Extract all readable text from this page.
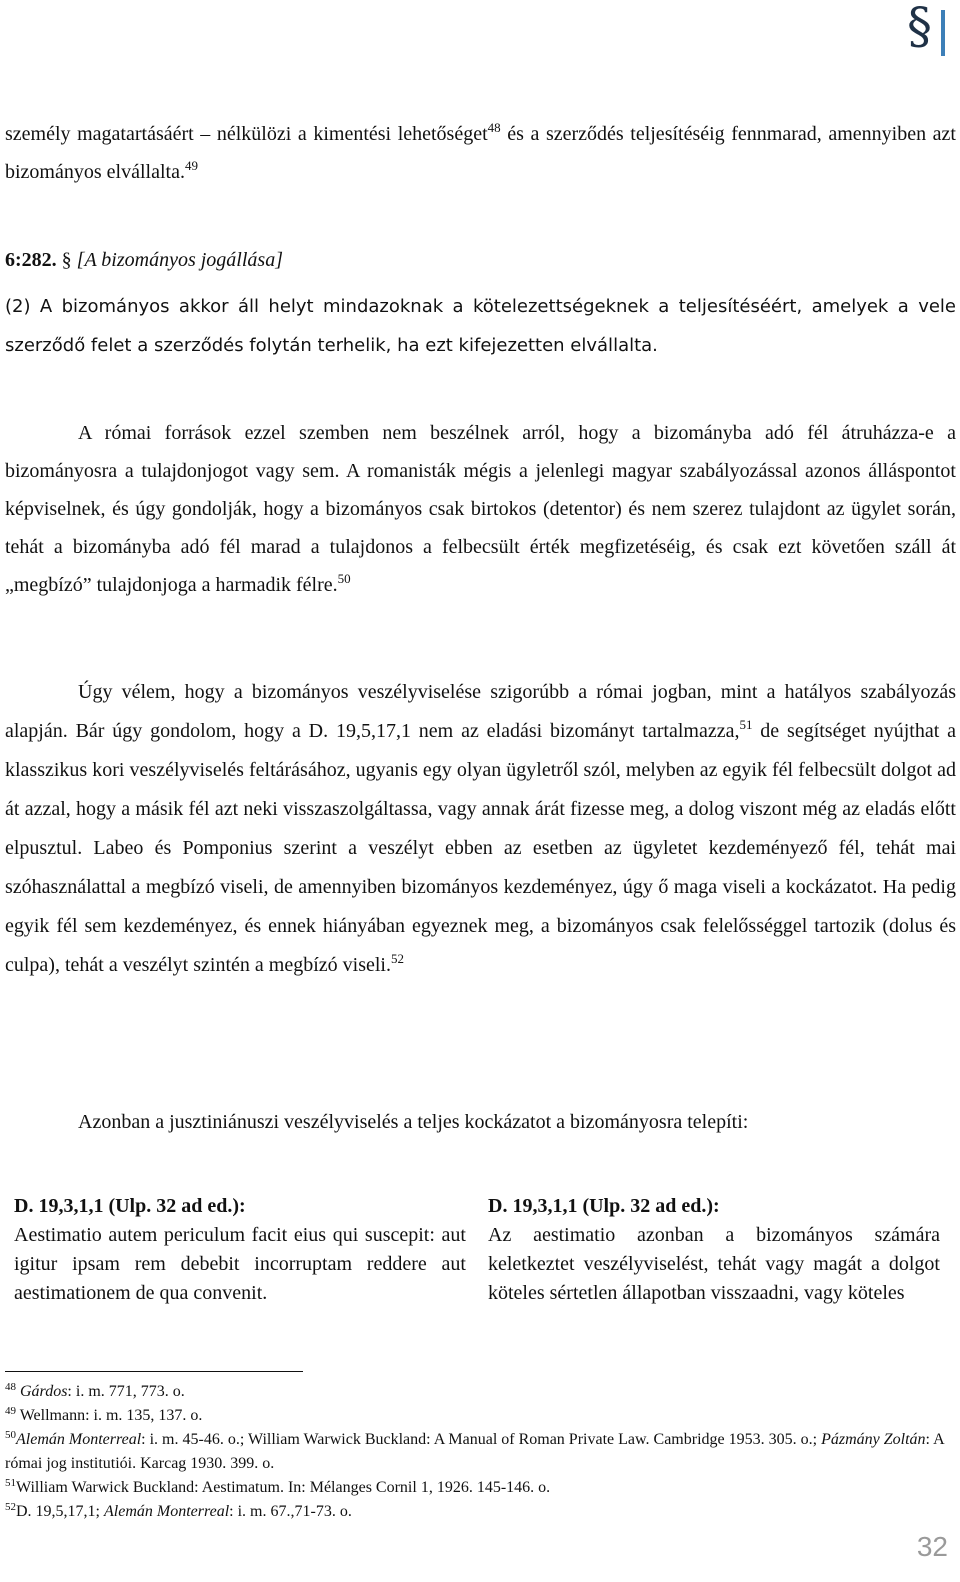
§

személy magatartásáért – nélkülözi a kimentési lehetőséget$^{48}$ és a szerződés teljesítéséig fennmarad, amennyiben azt bizományos elvállalta.$^{49}$

6:282. § [A bizományos jogállása]

(2) A bizományos akkor áll helyt mindazoknak a kötelezettségeknek a teljesítéséért, amelyek a vele szerződő felet a szerződés folytán terhelik, ha ezt kifejezetten elvállalta.

A római források ezzel szemben nem beszélnek arról, hogy a bizományba adó fél átruházza-e a bizományosra a tulajdonjogot vagy sem. A romanisták mégis a jelenlegi magyar szabályozással azonos álláspontot képviselnek, és úgy gondolják, hogy a bizományos csak birtokos (detentor) és nem szerez tulajdont az ügylet során, tehát a bizományba adó fél marad a tulajdonos a felbecsült érték megfizetéséig, és csak ezt követően száll át „megbízó” tulajdonjoga a harmadik félre.$^{50}$

Úgy vélem, hogy a bizományos veszélyviselése szigorúbb a római jogban, mint a hatályos szabályozás alapján. Bár úgy gondolom, hogy a D. 19,5,17,1 nem az eladási bizományt tartalmazza,$^{51}$ de segítséget nyújthat a klasszikus kori veszélyviselés feltárásához, ugyanis egy olyan ügyletről szól, melyben az egyik fél felbecsült dolgot ad át azzal, hogy a másik fél azt neki visszaszolgáltassa, vagy annak árát fizesse meg, a dolog viszont még az eladás előtt elpusztul. Labeo és Pomponius szerint a veszélyt ebben az esetben az ügyletet kezdeményező fél, tehát mai szóhasználattal a megbízó viseli, de amennyiben bizományos kezdeményez, úgy ő maga viseli a kockázatot. Ha pedig egyik fél sem kezdeményez, és ennek hiányában egyeznek meg, a bizományos csak felelősséggel tartozik (dolus és culpa), tehát a veszélyt szintén a megbízó viseli.$^{52}$

Azonban a jusztiniánuszi veszélyviselés a teljes kockázatot a bizományosra telepíti:

D. 19,3,1,1 (Ulp. 32 ad ed.):
Aestimatio autem periculum facit eius qui suscepit: aut igitur ipsam rem debebit incorruptam reddere aut aestimationem de qua convenit.
D. 19,3,1,1 (Ulp. 32 ad ed.):
Az aestimatio azonban a bizományos számára keletkeztet veszélyviselést, tehát vagy magát a dolgot köteles sértetlen állapotban visszaadni, vagy köteles

$^{48}$ Gárdos: i. m. 771, 773. o.

$^{49}$ Wellmann: i. m. 135, 137. o.

$^{50}$Alemán Monterreal: i. m. 45-46. o.; William Warwick Buckland: A Manual of Roman Private Law. Cambridge 1953. 305. o.; Pázmány Zoltán: A római jog institutiói. Karcag 1930. 399. o.

$^{51}$William Warwick Buckland: Aestimatum. In: Mélanges Cornil 1, 1926. 145-146. o.

$^{52}$D. 19,5,17,1; Alemán Monterreal: i. m. 67.,71-73. o.

32
